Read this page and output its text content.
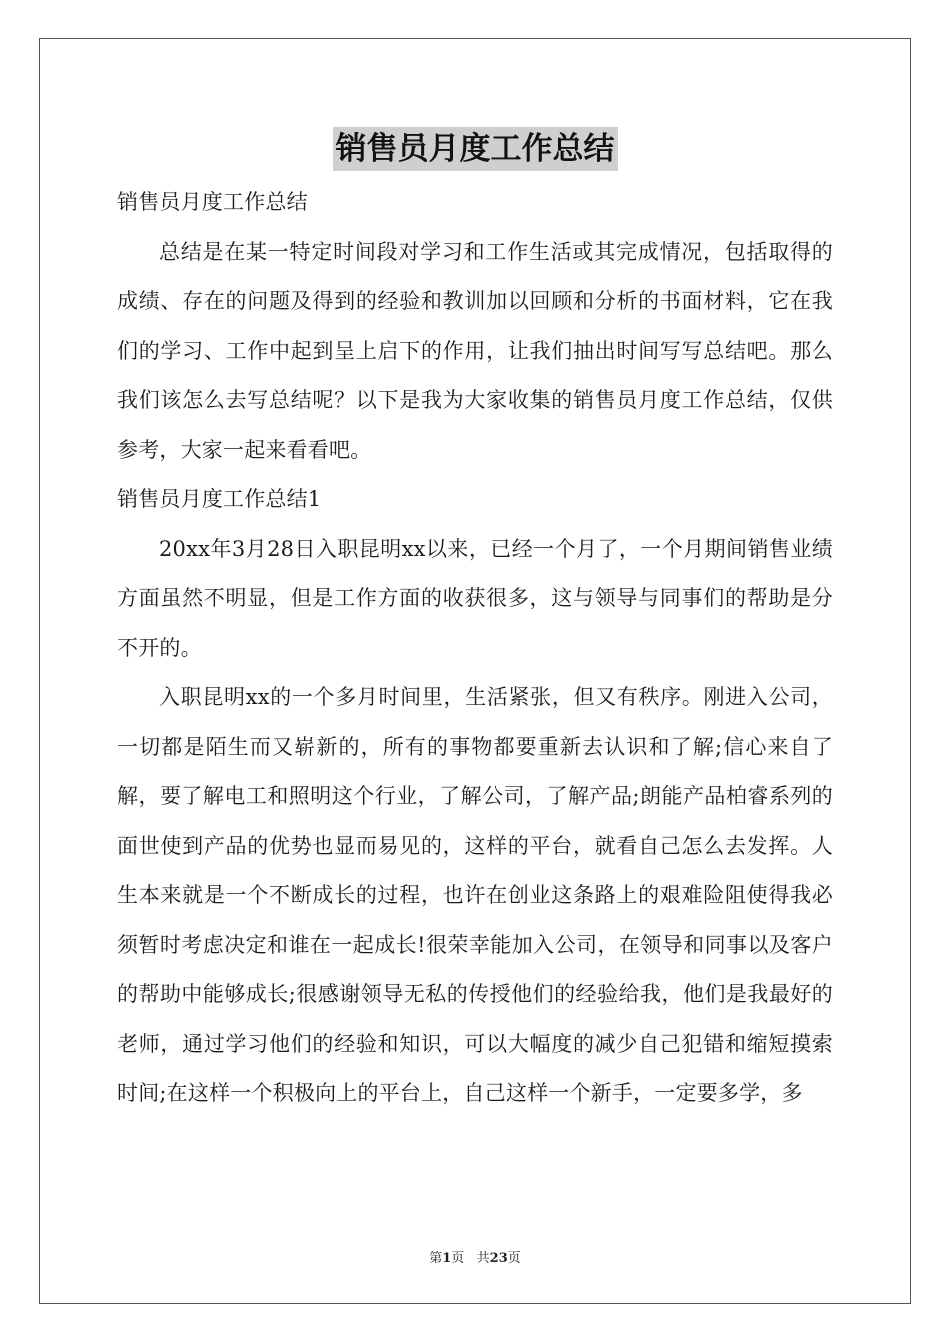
销售员月度工作总结

销售员月度工作总结

总结是在某一特定时间段对学习和工作生活或其完成情况，包括取得的成绩、存在的问题及得到的经验和教训加以回顾和分析的书面材料，它在我们的学习、工作中起到呈上启下的作用，让我们抽出时间写写总结吧。那么我们该怎么去写总结呢？以下是我为大家收集的销售员月度工作总结，仅供参考，大家一起来看看吧。

销售员月度工作总结1

20xx年3月28日入职昆明xx以来，已经一个月了，一个月期间销售业绩方面虽然不明显，但是工作方面的收获很多，这与领导与同事们的帮助是分不开的。

入职昆明xx的一个多月时间里，生活紧张，但又有秩序。刚进入公司，一切都是陌生而又崭新的，所有的事物都要重新去认识和了解;信心来自了解，要了解电工和照明这个行业，了解公司，了解产品;朗能产品柏睿系列的面世使到产品的优势也显而易见的，这样的平台，就看自己怎么去发挥。人生本来就是一个不断成长的过程，也许在创业这条路上的艰难险阻使得我必须暂时考虑决定和谁在一起成长!很荣幸能加入公司，在领导和同事以及客户的帮助中能够成长;很感谢领导无私的传授他们的经验给我，他们是我最好的老师，通过学习他们的经验和知识，可以大幅度的减少自己犯错和缩短摸索时间;在这样一个积极向上的平台上，自己这样一个新手，一定要多学，多

第1页   共23页
